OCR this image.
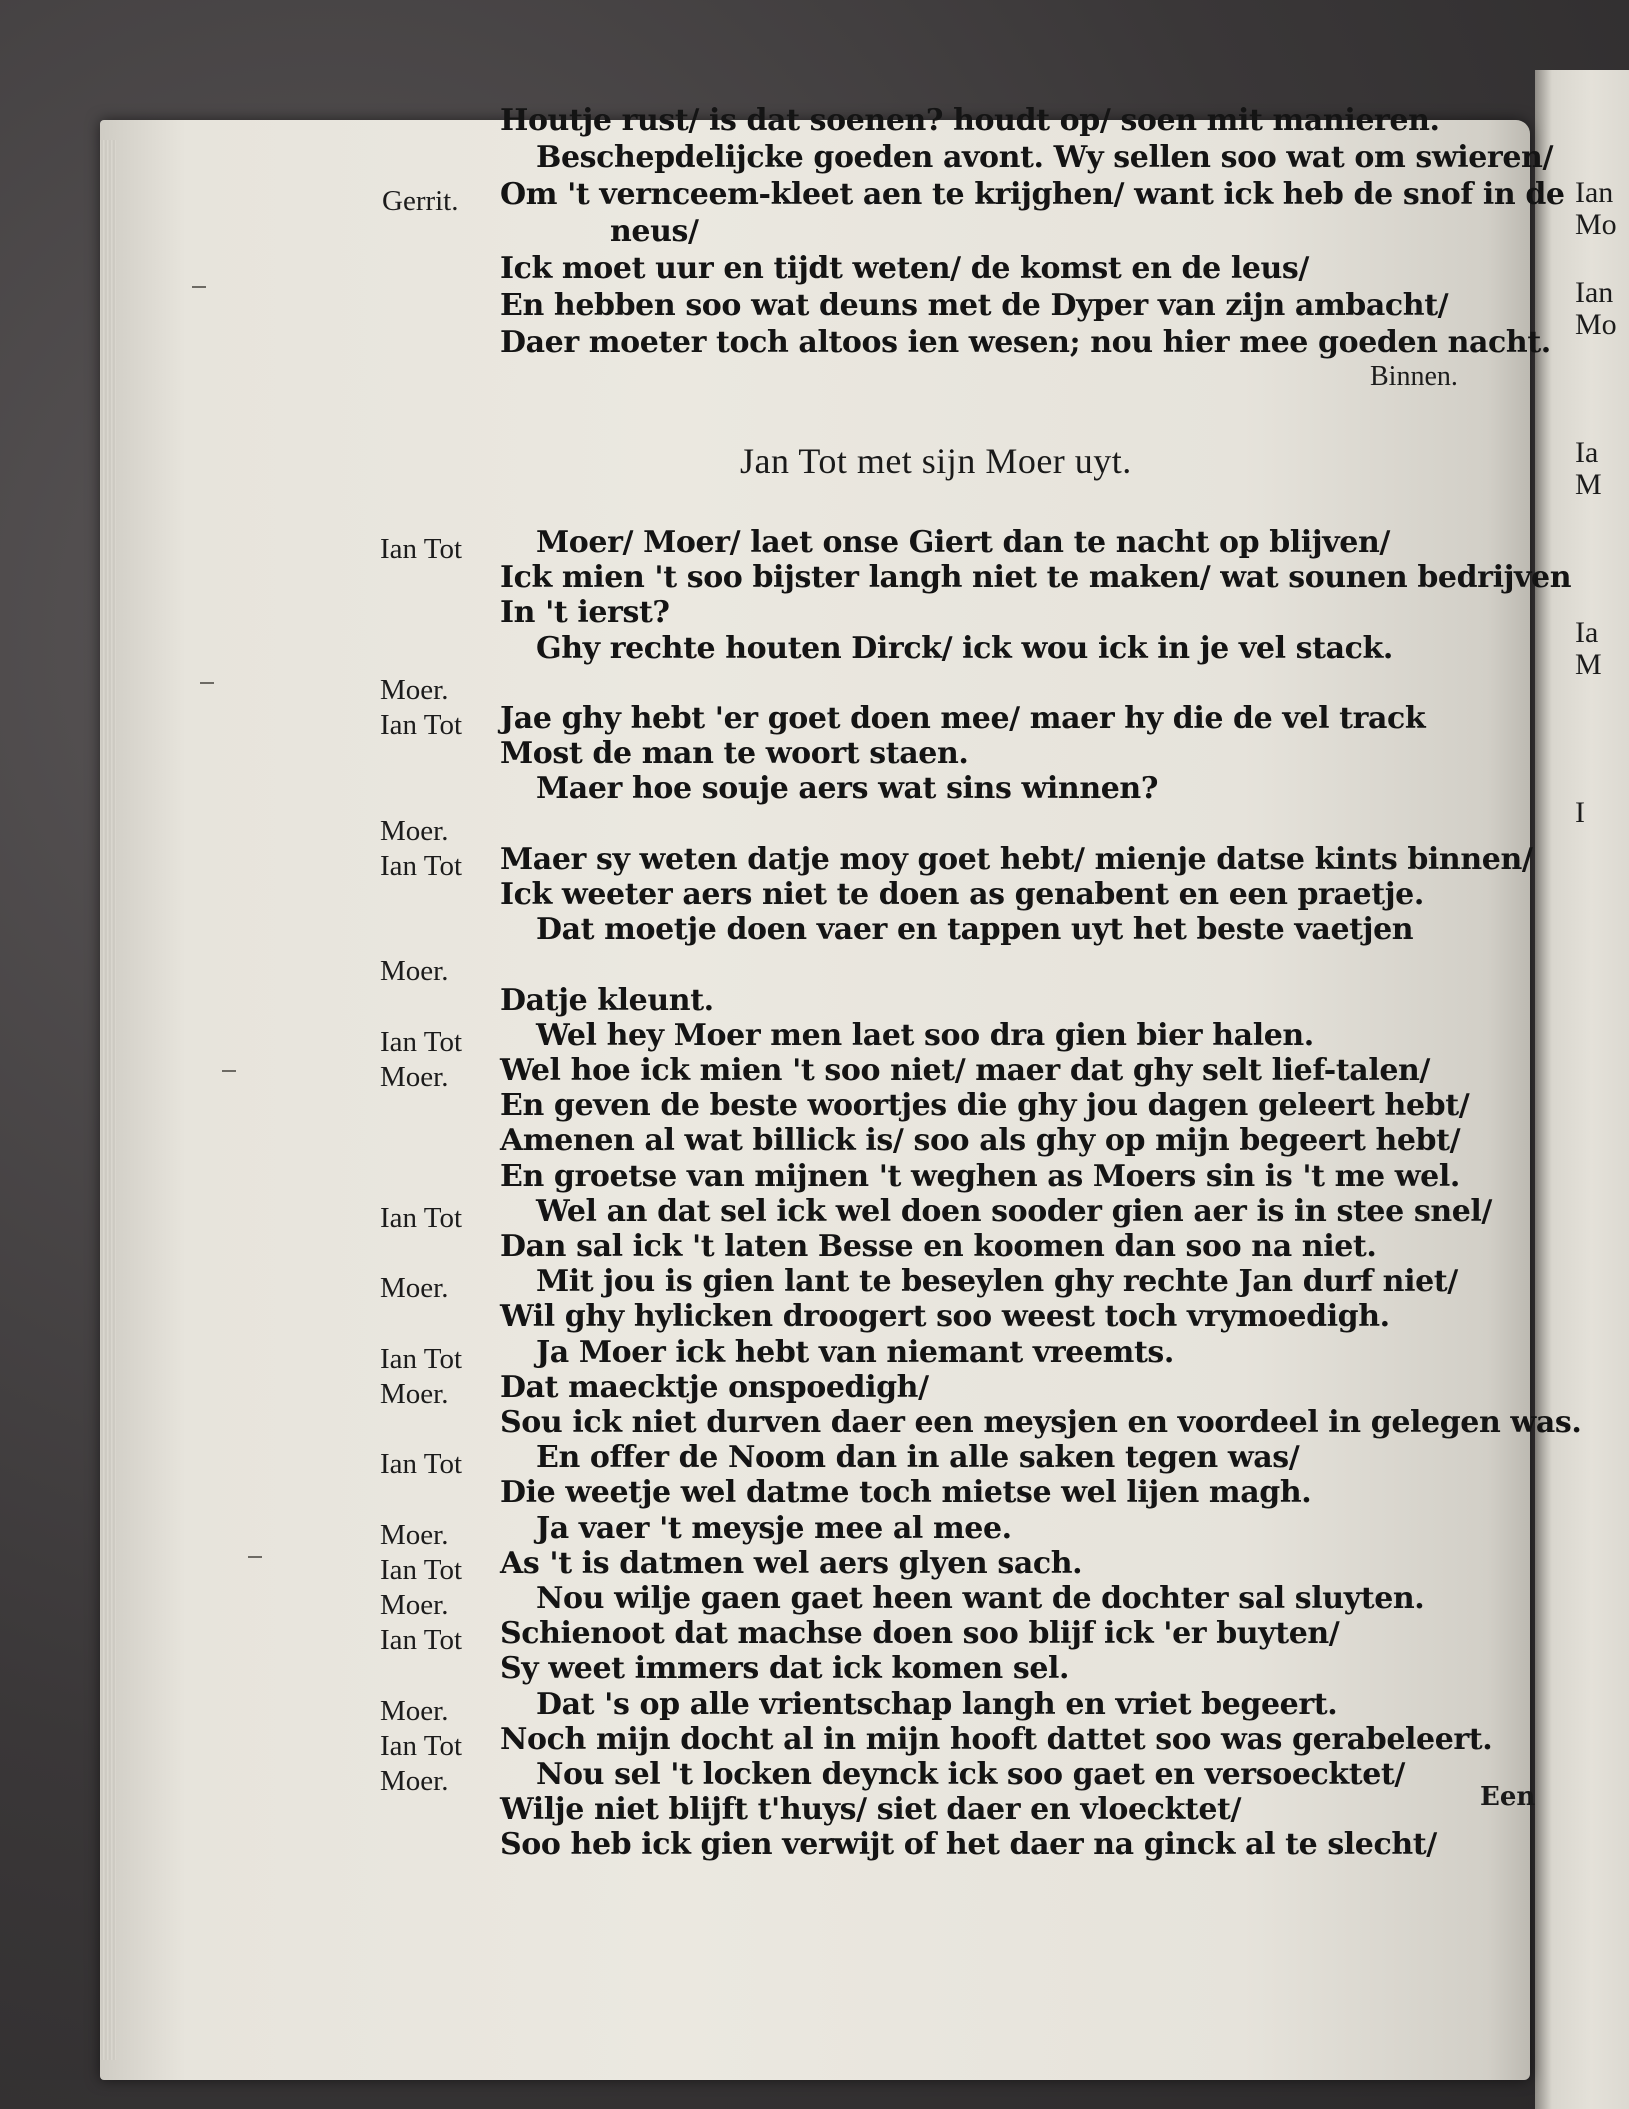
Ian
Mo
Ian
Mo
Ia
M
Ia
M
I
Houtje rust/ is dat soenen? houdt op/ soen mit manieren.
Beschepdelijcke goeden avont. Wy sellen soo wat om swieren/
Gerrit. Om 't vernceem-kleet aen te krijghen/ want ick heb de snof in de
neus/
Ick moet uur en tijdt weten/ de komst en de leus/
En hebben soo wat deuns met de Dyper van zijn ambacht/
Daer moeter toch altoos ien wesen; nou hier mee goeden nacht.
Binnen.
Jan Tot met sijn Moer uyt.
Ian Tot Moer/ Moer/ laet onse Giert dan te nacht op blijven/
Ick mien 't soo bijster langh niet te maken/ wat sounen bedrijven
In 't ierst?
Ghy rechte houten Dirck/ ick wou ick in je vel stack.
Moer.
Ian Tot Jae ghy hebt 'er goet doen mee/ maer hy die de vel track
Most de man te woort staen.
Maer hoe souje aers wat sins winnen?
Moer.
Ian Tot Maer sy weten datje moy goet hebt/ mienje datse kints binnen/
Ick weeter aers niet te doen as genabent en een praetje.
Dat moetje doen vaer en tappen uyt het beste vaetjen
Moer.
Datje kleunt.
Ian Tot Wel hey Moer men laet soo dra gien bier halen.
Moer. Wel hoe ick mien 't soo niet/ maer dat ghy selt lief-talen/
En geven de beste woortjes die ghy jou dagen geleert hebt/
Amenen al wat billick is/ soo als ghy op mijn begeert hebt/
En groetse van mijnen 't weghen as Moers sin is 't me wel.
Ian Tot Wel an dat sel ick wel doen sooder gien aer is in stee snel/
Dan sal ick 't laten Besse en koomen dan soo na niet.
Moer.	Mit jou is gien lant te beseylen ghy rechte Jan durf niet/
Wil ghy hylicken droogert soo weest toch vrymoedigh.
Ian Tot Ja Moer ick hebt van niemant vreemts.
Moer. Dat maecktje onspoedigh/
Sou ick niet durven daer een meysjen en voordeel in gelegen was.
Ian Tot En offer de Noom dan in alle saken tegen was/
Die weetje wel datme toch mietse wel lijen magh.
Moer.	Ja vaer 't meysje mee al mee.
Ian Tot As 't is datmen wel aers glyen sach.
Moer.	Nou wilje gaen gaet heen want de dochter sal sluyten.
Ian Tot Schienoot dat machse doen soo blijf ick 'er buyten/
Sy weet immers dat ick komen sel.
Moer.	Dat 's op alle vrientschap langh en vriet begeert.
Ian Tot Noch mijn docht al in mijn hooft dattet soo was gerabeleert.
Moer.	Nou sel 't locken deynck ick soo gaet en versoecktet/
Wilje niet blijft t'huys/ siet daer en vloecktet/
Soo heb ick gien verwijt of het daer na ginck al te slecht/
Een
